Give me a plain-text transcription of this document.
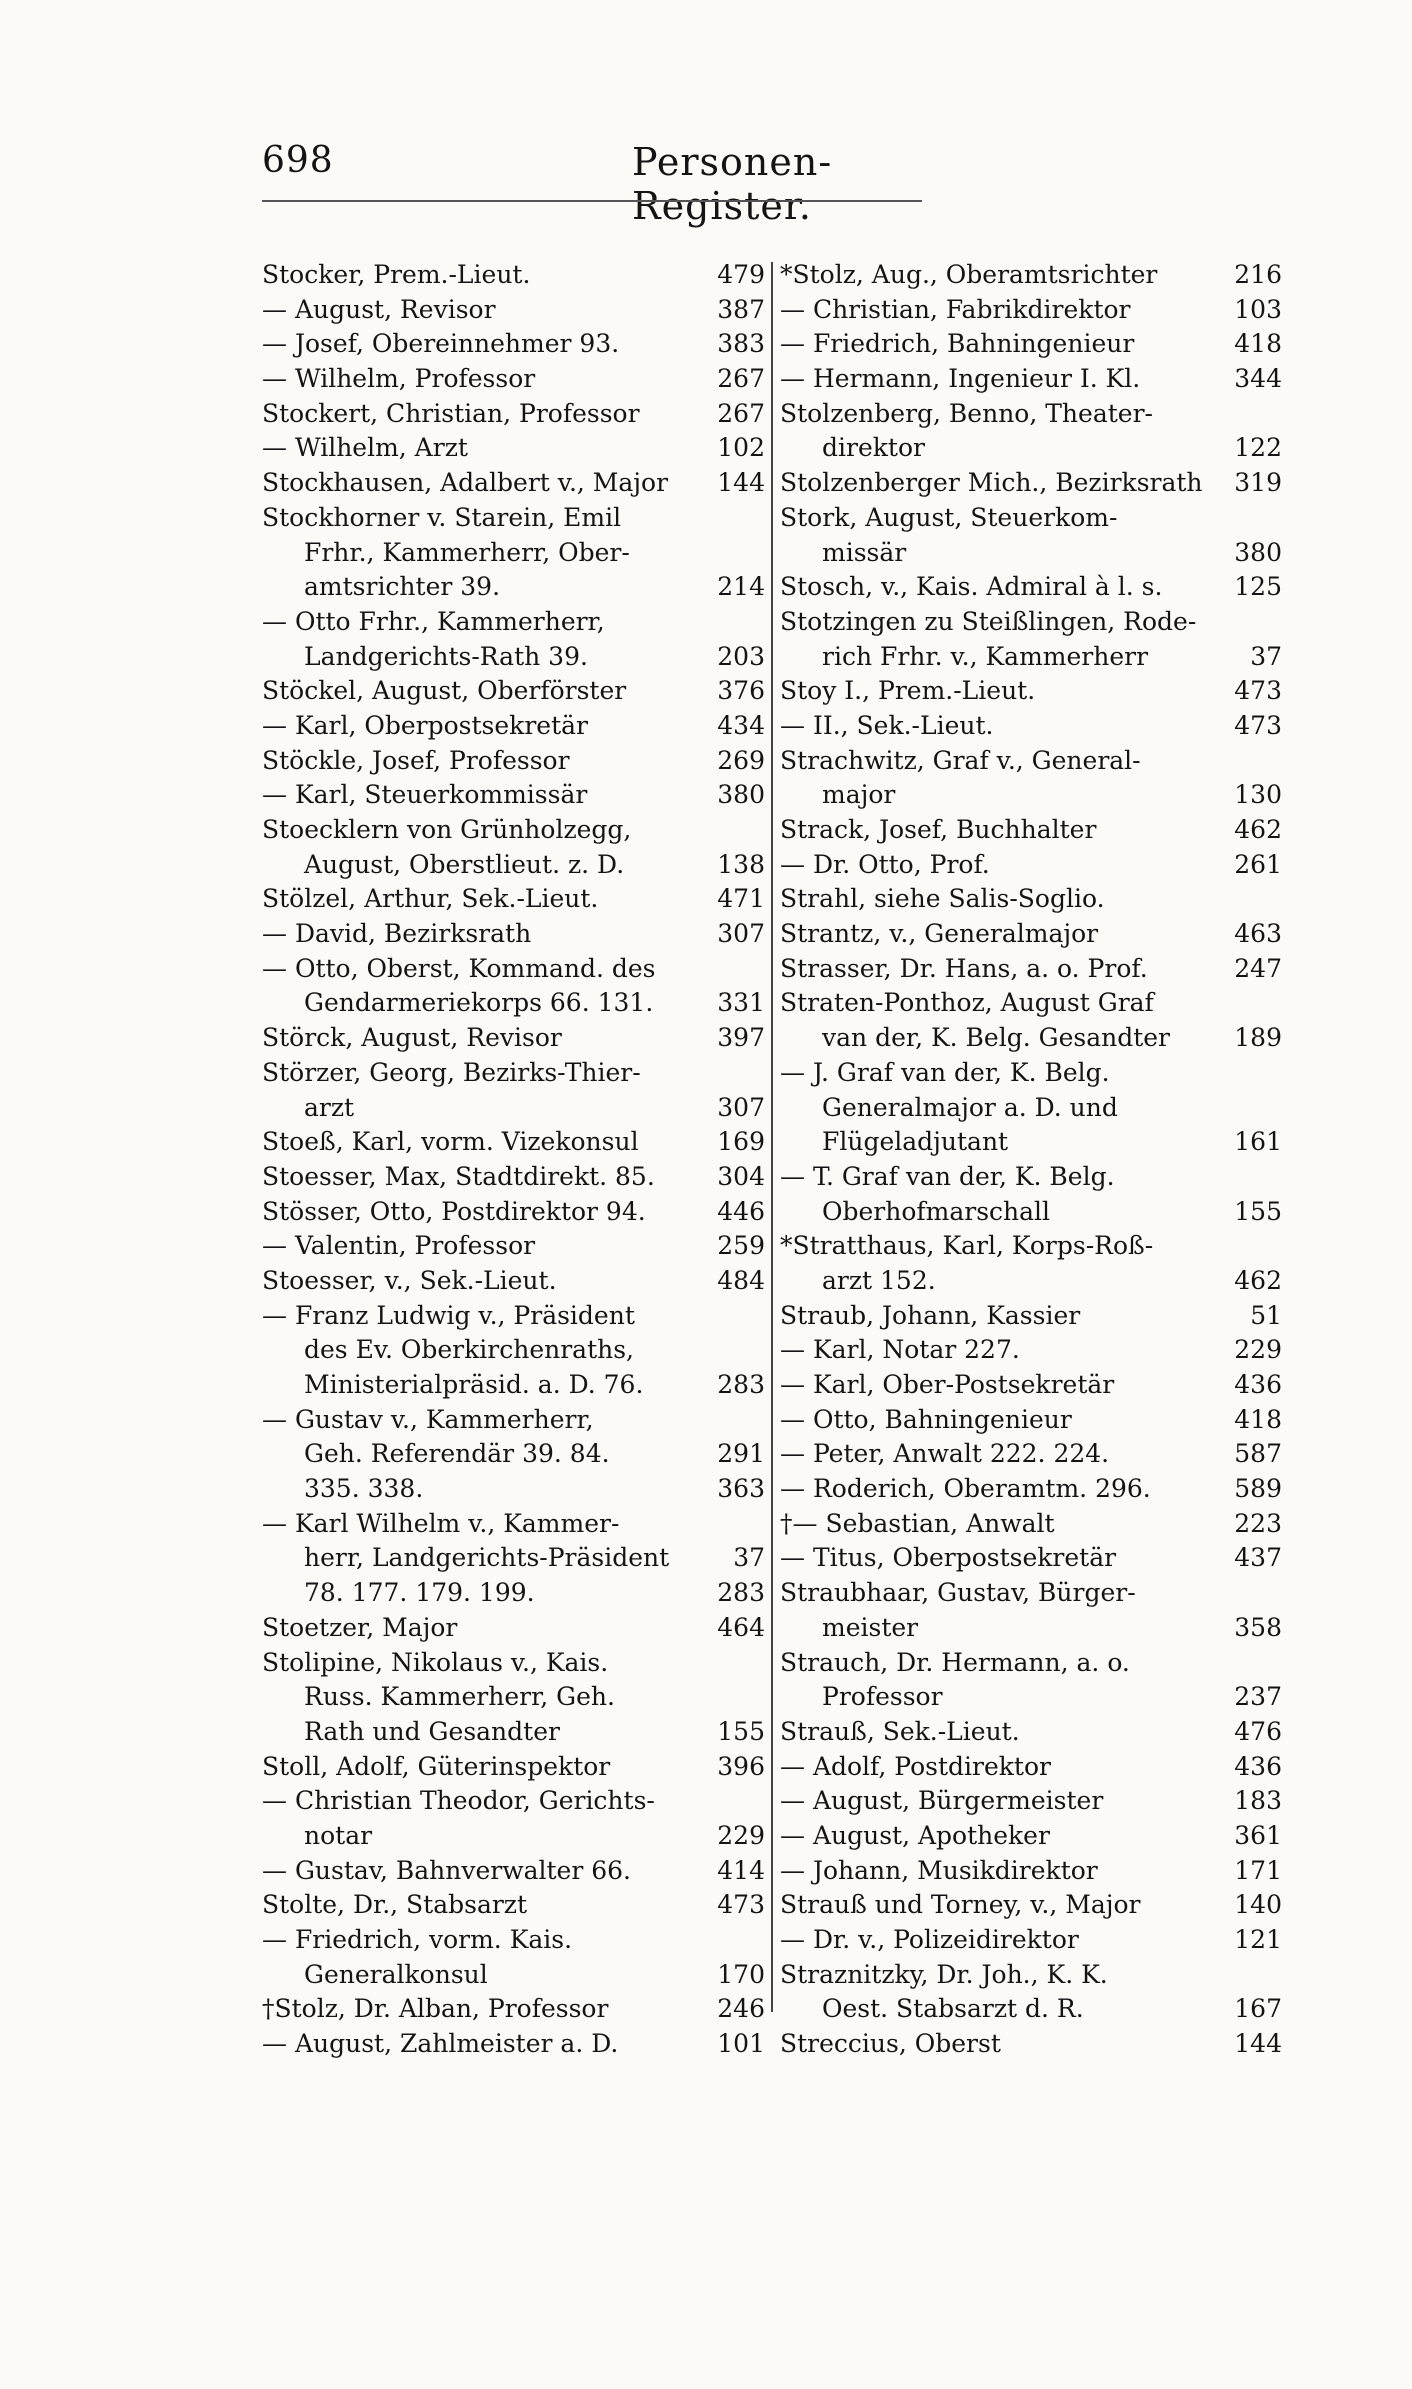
698	Personen-Register.
Stocker, Prem.-Lieut.	479
— August, Revisor	387
— Josef, Obereinnehmer 93.	383
— Wilhelm, Professor	267
Stockert, Christian, Professor	267
— Wilhelm, Arzt	102
Stockhausen, Adalbert v., Major 144
Stockhorner v. Starein, Emil
Frhr., Kammerherr, Ober-
amtsrichter 39.	214
— Otto Frhr., Kammerherr,
Landgerichts-Rath 39.	203
Stöckel, August, Oberförster	376
— Karl, Oberpostsekretär	434
Stöckle, Josef, Professor	269
— Karl, Steuerkommissär	380
Stoecklern von Grünholzegg,
August, Oberstlieut. z. D.	138
Stölzel, Arthur, Sek.-Lieut.	471
— David, Bezirksrath	307
— Otto, Oberst, Kommand. des
Gendarmeriekorps 66. 131.	331
Störck, August, Revisor	397
Störzer, Georg, Bezirks-Thier-
arzt	307
Stoeß, Karl, vorm. Vizekonsul	169
Stoesser, Max, Stadtdirekt. 85. 304
Stösser, Otto, Postdirektor 94.	446
— Valentin, Professor	259
Stoesser, v., Sek.-Lieut.	484
— Franz Ludwig v., Präsident
des Ev. Oberkirchenraths,
Ministerialpräsid. a. D. 76.	283
— Gustav v., Kammerherr,
Geh. Referendär 39. 84.	291
335. 338.	363
— Karl Wilhelm v., Kammer-
herr, Landgerichts-Präsident	37
78. 177. 179. 199.	283
Stoetzer, Major	464
Stolipine, Nikolaus v., Kais.
Russ. Kammerherr, Geh.
Rath und Gesandter	155
Stoll, Adolf, Güterinspektor	396
— Christian Theodor, Gerichts-
notar	229
— Gustav, Bahnverwalter 66.	414
Stolte, Dr., Stabsarzt	473
— Friedrich, vorm. Kais.
Generalkonsul	170
†Stolz, Dr. Alban, Professor	246
— August, Zahlmeister a. D.	101
*Stolz, Aug., Oberamtsrichter	216
— Christian, Fabrikdirektor	103
— Friedrich, Bahningenieur	418
— Hermann, Ingenieur I. Kl.	344
Stolzenberg, Benno, Theater-
direktor	122
Stolzenberger Mich., Bezirksrath 319
Stork, August, Steuerkom-
missär	380
Stosch, v., Kais. Admiral à l. s.	125
Stotzingen zu Steißlingen, Rode-
rich Frhr. v., Kammerherr	37
Stoy I., Prem.-Lieut.	473
— II., Sek.-Lieut.	473
Strachwitz, Graf v., General-
major	130
Strack, Josef, Buchhalter	462
— Dr. Otto, Prof.	261
Strahl, siehe Salis-Soglio.
Strantz, v., Generalmajor	463
Strasser, Dr. Hans, a. o. Prof.	247
Straten-Ponthoz, August Graf
van der, K. Belg. Gesandter	189
— J. Graf van der, K. Belg.
Generalmajor a. D. und
Flügeladjutant	161
— T. Graf van der, K. Belg.
Oberhofmarschall	155
*Stratthaus, Karl, Korps-Roß-
arzt 152.	462
Straub, Johann, Kassier	51
— Karl, Notar 227.	229
— Karl, Ober-Postsekretär	436
— Otto, Bahningenieur	418
— Peter, Anwalt 222. 224.	587
— Roderich, Oberamtm. 296.	589
†— Sebastian, Anwalt	223
— Titus, Oberpostsekretär	437
Straubhaar, Gustav, Bürger-
meister	358
Strauch, Dr. Hermann, a. o.
Professor	237
Strauß, Sek.-Lieut.	476
— Adolf, Postdirektor	436
— August, Bürgermeister	183
— August, Apotheker	361
— Johann, Musikdirektor	171
Strauß und Torney, v., Major	140
— Dr. v., Polizeidirektor	121
Straznitzky, Dr. Joh., K. K.
Oest. Stabsarzt d. R.	167
Streccius, Oberst	144
